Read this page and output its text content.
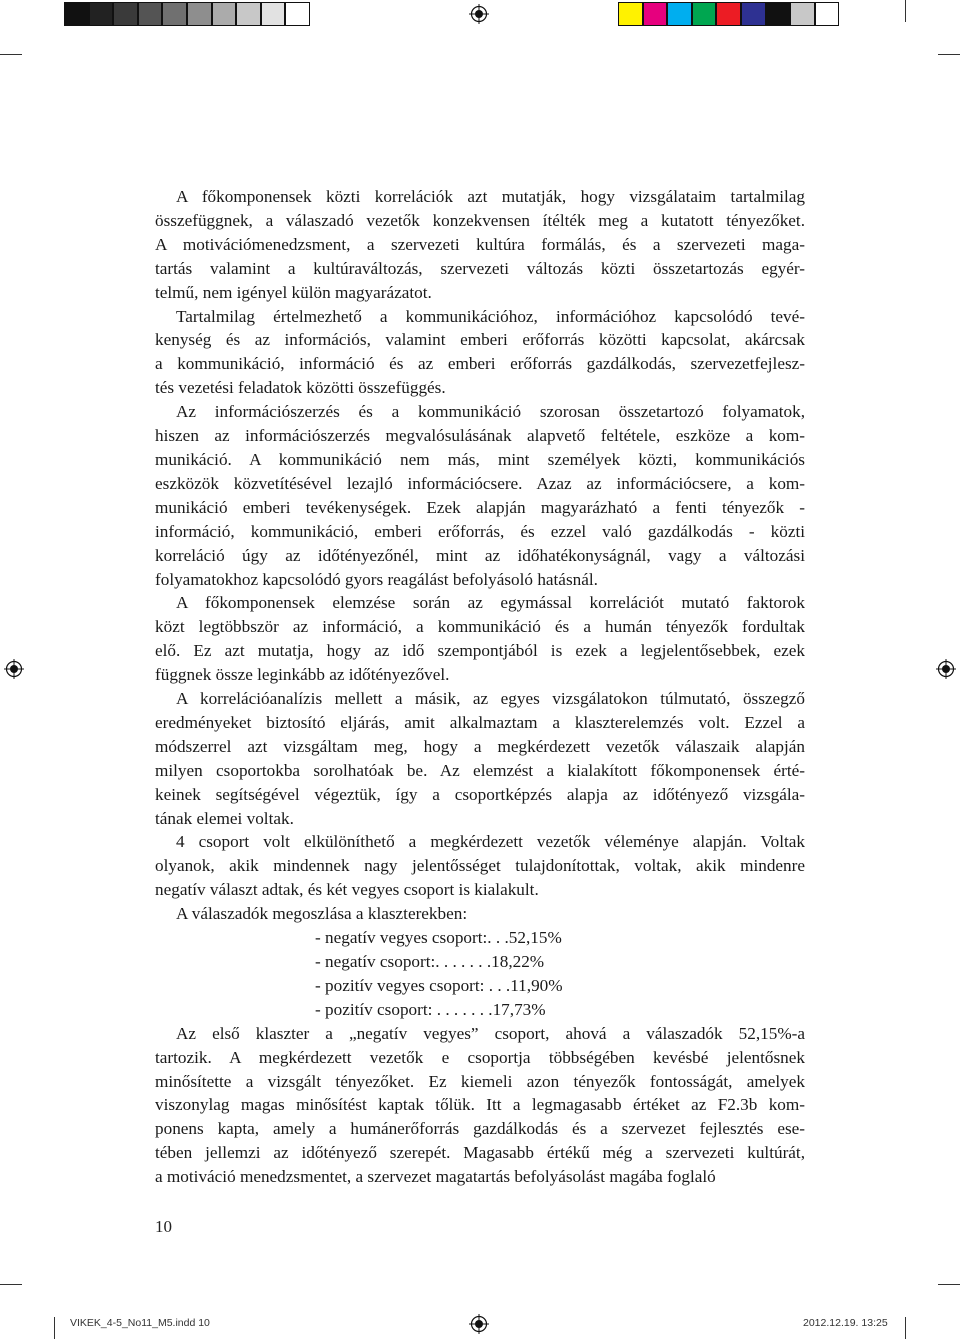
A főkomponensek közti korrelációk azt mutatják, hogy vizsgálataim tartalmilag
összefüggnek, a válaszadó vezetők konzekvensen ítélték meg a kutatott tényezőket.
A motivációmenedzsment, a szervezeti kultúra formálás, és a szervezeti maga-
tartás valamint a kultúraváltozás, szervezeti változás közti összetartozás egyér-
telmű, nem igényel külön magyarázatot.
Tartalmilag értelmezhető a kommunikációhoz, információhoz kapcsolódó tevé-
kenység és az információs, valamint emberi erőforrás közötti kapcsolat, akárcsak
a kommunikáció, információ és az emberi erőforrás gazdálkodás, szervezetfejlesz-
tés vezetési feladatok közötti összefüggés.
Az információszerzés és a kommunikáció szorosan összetartozó folyamatok,
hiszen az információszerzés megvalósulásának alapvető feltétele, eszköze a kom-
munikáció. A kommunikáció nem más, mint személyek közti, kommunikációs
eszközök közvetítésével lezajló információcsere. Azaz az információcsere, a kom-
munikáció emberi tevékenységek. Ezek alapján magyarázható a fenti tényezők -
információ, kommunikáció, emberi erőforrás, és ezzel való gazdálkodás - közti
korreláció úgy az időtényezőnél, mint az időhatékonyságnál, vagy a változási
folyamatokhoz kapcsolódó gyors reagálást befolyásoló hatásnál.
A főkomponensek elemzése során az egymással korrelációt mutató faktorok
közt legtöbbször az információ, a kommunikáció és a humán tényezők fordultak
elő. Ez azt mutatja, hogy az idő szempontjából is ezek a legjelentősebbek, ezek
függnek össze leginkább az időtényezővel.
A korrelációanalízis mellett a másik, az egyes vizsgálatokon túlmutató, összegző
eredményeket biztosító eljárás, amit alkalmaztam a klaszterelemzés volt. Ezzel a
módszerrel azt vizsgáltam meg, hogy a megkérdezett vezetők válaszaik alapján
milyen csoportokba sorolhatóak be. Az elemzést a kialakított főkomponensek érté-
keinek segítségével végeztük, így a csoportképzés alapja az időtényező vizsgála-
tának elemei voltak.
4 csoport volt elkülöníthető a megkérdezett vezetők véleménye alapján. Voltak
olyanok, akik mindennek nagy jelentősséget tulajdonítottak, voltak, akik mindenre
negatív választ adtak, és két vegyes csoport is kialakult.
A válaszadók megoszlása a klaszterekben:
- negatív vegyes csoport:. . .52,15%
- negatív csoport:. . . . . . .18,22%
- pozitív vegyes csoport: . . .11,90%
- pozitív csoport: . . . . . . .17,73%
Az első klaszter a „negatív vegyes” csoport, ahová a válaszadók 52,15%-a
tartozik. A megkérdezett vezetők e csoportja többségében kevésbé jelentősnek
minősítette a vizsgált tényezőket. Ez kiemeli azon tényezők fontosságát, amelyek
viszonylag magas minősítést kaptak tőlük. Itt a legmagasabb értéket az F2.3b kom-
ponens kapta, amely a humánerőforrás gazdálkodás és a szervezet fejlesztés ese-
tében jellemzi az időtényező szerepét. Magasabb értékű még a szervezeti kultúrát,
a motiváció menedzsmentet, a szervezet magatartás befolyásolást magába foglaló
10
VIKEK_4-5_No11_M5.indd 10	2012.12.19. 13:25
